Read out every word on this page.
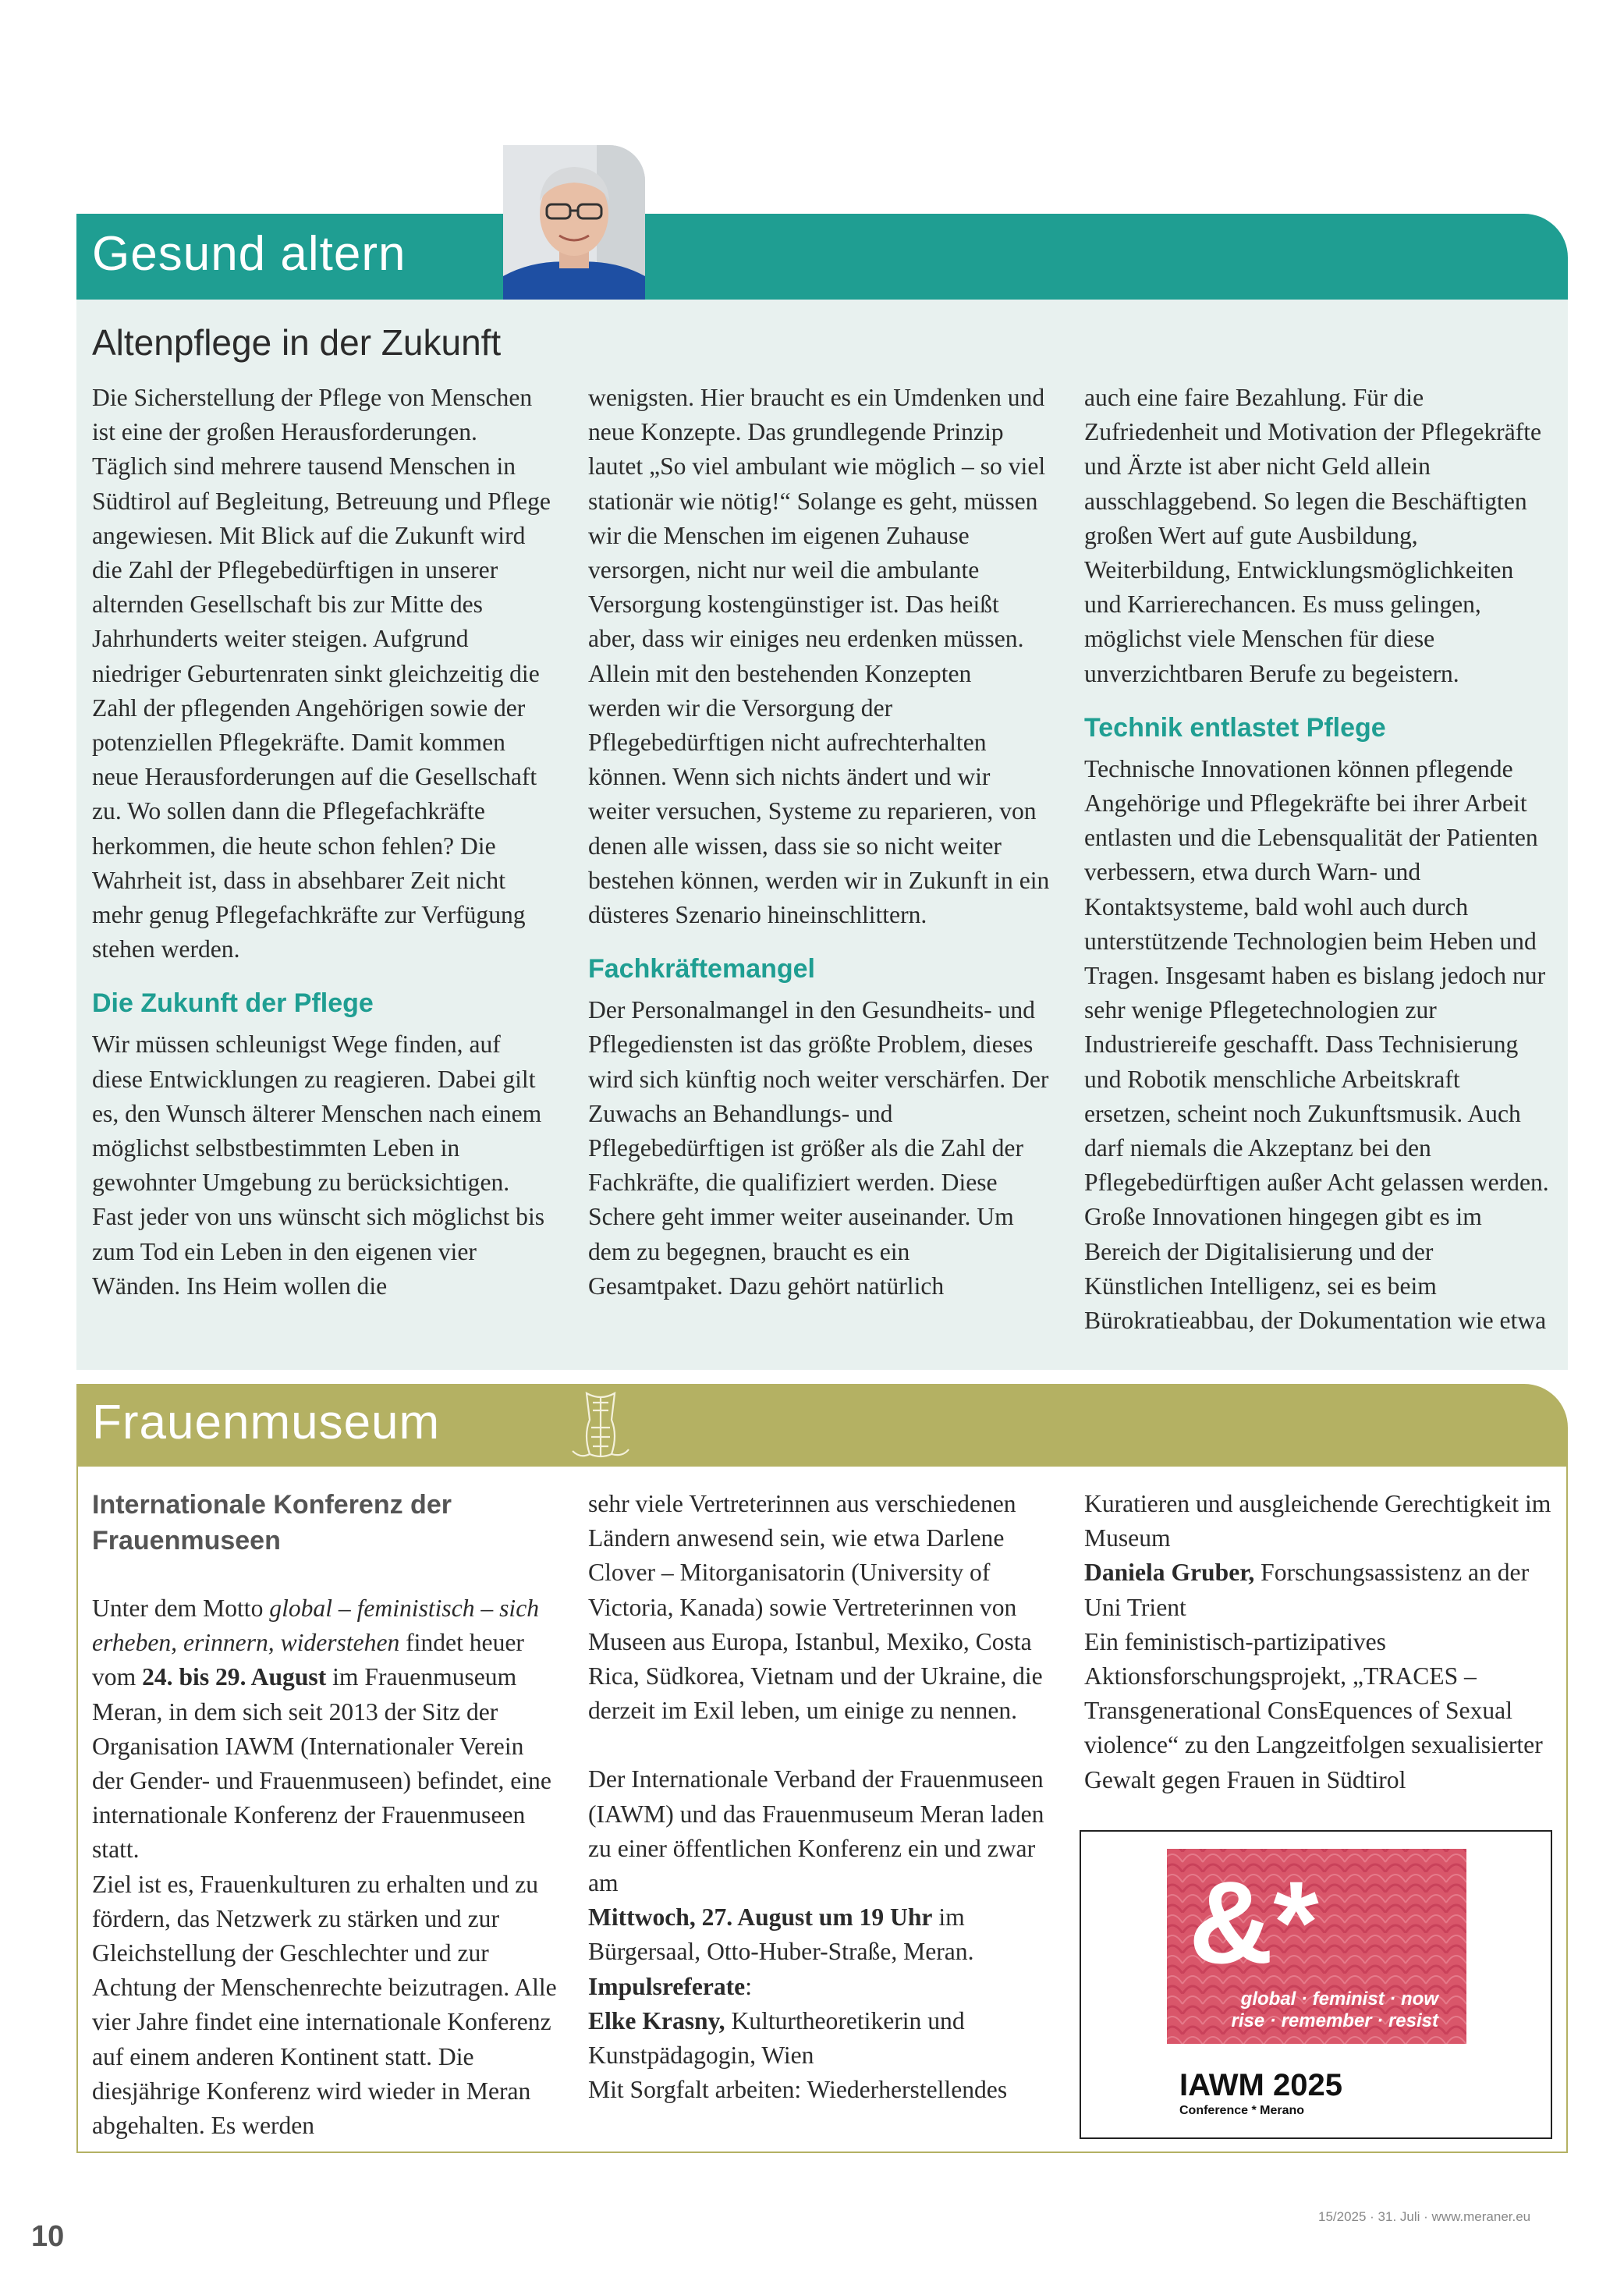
Gesund altern
Altenpflege in der Zukunft

Die Sicherstellung der Pflege von Menschen ist eine der großen Herausforderungen. Täglich sind mehrere tausend Menschen in Südtirol auf Begleitung, Betreuung und Pflege angewiesen. Mit Blick auf die Zukunft wird die Zahl der Pflegebedürftigen in unserer alternden Gesellschaft bis zur Mitte des Jahrhunderts weiter steigen. Aufgrund niedriger Geburtenraten sinkt gleichzeitig die Zahl der pflegenden Angehörigen sowie der potenziellen Pflegekräfte. Damit kommen neue Herausforderungen auf die Gesellschaft zu. Wo sollen dann die Pflegefachkräfte herkommen, die heute schon fehlen? Die Wahrheit ist, dass in absehbarer Zeit nicht mehr genug Pflegefachkräfte zur Verfügung stehen werden.

Die Zukunft der Pflege

Wir müssen schleunigst Wege finden, auf diese Entwicklungen zu reagieren. Dabei gilt es, den Wunsch älterer Menschen nach einem möglichst selbstbestimmten Leben in gewohnter Umgebung zu berücksichtigen. Fast jeder von uns wünscht sich möglichst bis zum Tod ein Leben in den eigenen vier Wänden. Ins Heim wollen die

wenigsten. Hier braucht es ein Umdenken und neue Konzepte. Das grundlegende Prinzip lautet „So viel ambulant wie möglich – so viel stationär wie nötig!“ Solange es geht, müssen wir die Menschen im eigenen Zuhause versorgen, nicht nur weil die ambulante Versorgung kostengünstiger ist. Das heißt aber, dass wir einiges neu erdenken müssen. Allein mit den bestehenden Konzepten werden wir die Versorgung der Pflegebedürftigen nicht aufrechterhalten können. Wenn sich nichts ändert und wir weiter versuchen, Systeme zu reparieren, von denen alle wissen, dass sie so nicht weiter bestehen können, werden wir in Zukunft in ein düsteres Szenario hineinschlittern.

Fachkräftemangel

Der Personalmangel in den Gesundheits- und Pflegediensten ist das größte Problem, dieses wird sich künftig noch weiter verschärfen. Der Zuwachs an Behandlungs- und Pflegebedürftigen ist größer als die Zahl der Fachkräfte, die qualifiziert werden. Diese Schere geht immer weiter auseinander. Um dem zu begegnen, braucht es ein Gesamtpaket. Dazu gehört natürlich

auch eine faire Bezahlung. Für die Zufriedenheit und Motivation der Pflegekräfte und Ärzte ist aber nicht Geld allein ausschlaggebend. So legen die Beschäftigten großen Wert auf gute Ausbildung, Weiterbildung, Entwicklungsmöglichkeiten und Karrierechancen. Es muss gelingen, möglichst viele Menschen für diese unverzichtbaren Berufe zu begeistern.

Technik entlastet Pflege

Technische Innovationen können pflegende Angehörige und Pflegekräfte bei ihrer Arbeit entlasten und die Lebensqualität der Patienten verbessern, etwa durch Warn- und Kontaktsysteme, bald wohl auch durch unterstützende Technologien beim Heben und Tragen. Insgesamt haben es bislang jedoch nur sehr wenige Pflegetechnologien zur Industriereife geschafft. Dass Technisierung und Robotik menschliche Arbeitskraft ersetzen, scheint noch Zukunftsmusik. Auch darf niemals die Akzeptanz bei den Pflegebedürftigen außer Acht gelassen werden. Große Innovationen hingegen gibt es im Bereich der Digitalisierung und der Künstlichen Intelligenz, sei es beim Bürokratieabbau, der Dokumentation wie etwa

Frauenmuseum
Internationale Konferenz der Frauenmuseen

Unter dem Motto global – feministisch – sich erheben, erinnern, widerstehen findet heuer vom 24. bis 29. August im Frauenmuseum Meran, in dem sich seit 2013 der Sitz der Organisation IAWM (Internationaler Verein der Gender- und Frauenmuseen) befindet, eine internationale Konferenz der Frauenmuseen statt.

Ziel ist es, Frauenkulturen zu erhalten und zu fördern, das Netzwerk zu stärken und zur Gleichstellung der Geschlechter und zur Achtung der Menschenrechte beizutragen. Alle vier Jahre findet eine internationale Konferenz auf einem anderen Kontinent statt. Die diesjährige Konferenz wird wieder in Meran abgehalten. Es werden

sehr viele Vertreterinnen aus verschiedenen Ländern anwesend sein, wie etwa Darlene Clover – Mitorganisatorin (University of Victoria, Kanada) sowie Vertreterinnen von Museen aus Europa, Istanbul, Mexiko, Costa Rica, Südkorea, Vietnam und der Ukraine, die derzeit im Exil leben, um einige zu nennen.

Der Internationale Verband der Frauenmuseen (IAWM) und das Frauenmuseum Meran laden zu einer öffentlichen Konferenz ein und zwar am

Mittwoch, 27. August um 19 Uhr im Bürgersaal, Otto-Huber-Straße, Meran.

Impulsreferate:

Elke Krasny, Kulturtheoretikerin und Kunstpädagogin, Wien

Mit Sorgfalt arbeiten: Wiederherstellendes

Kuratieren und ausgleichende Gerechtigkeit im Museum

Daniela Gruber, Forschungsassistenz an der Uni Trient

Ein feministisch-partizipatives Aktionsforschungsprojekt, „TRACES – Transgenerational ConsEquences of Sexual violence“ zu den Langzeitfolgen sexualisierter Gewalt gegen Frauen in Südtirol

&*
global · feminist · now
rise · remember · resist
IAWM 2025
Conference * Merano
10
15/2025 · 31. Juli · www.meraner.eu
